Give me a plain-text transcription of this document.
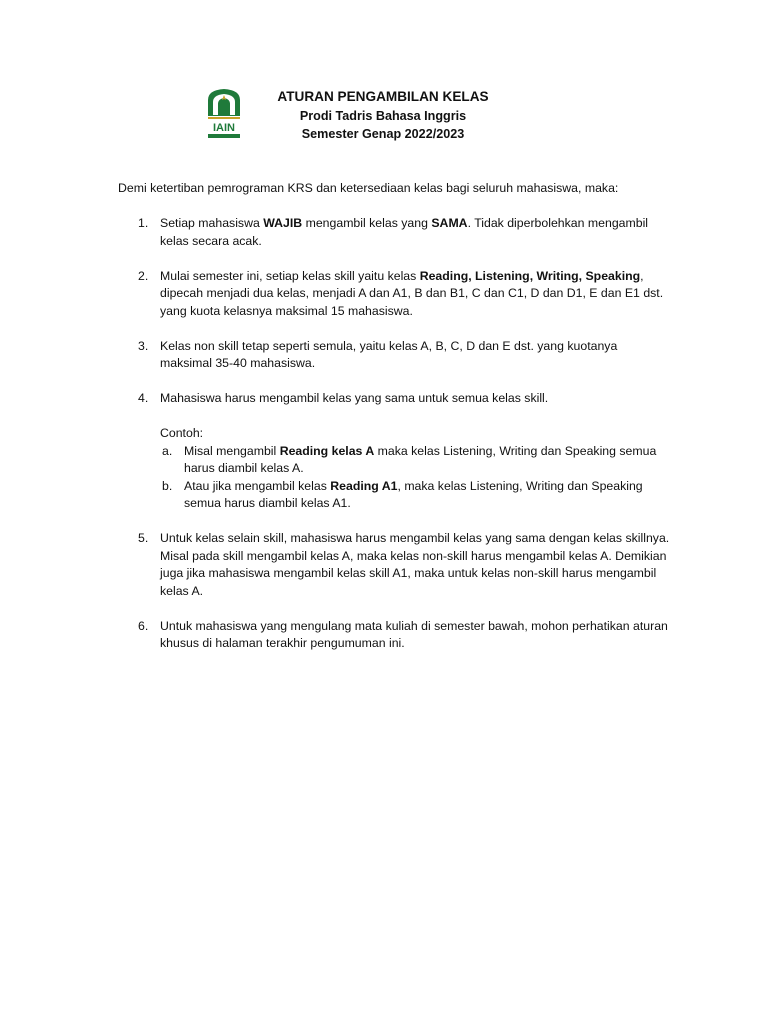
IAIN
ATURAN PENGAMBILAN KELAS
Prodi Tadris Bahasa Inggris
Semester Genap 2022/2023
Demi ketertiban pemrograman KRS dan ketersediaan kelas bagi seluruh mahasiswa, maka:
1. Setiap mahasiswa WAJIB mengambil kelas yang SAMA. Tidak diperbolehkan mengambil kelas secara acak.
2. Mulai semester ini, setiap kelas skill yaitu kelas Reading, Listening, Writing, Speaking, dipecah menjadi dua kelas, menjadi A dan A1, B dan B1, C dan C1, D dan D1, E dan E1 dst. yang kuota kelasnya maksimal 15 mahasiswa.
3. Kelas non skill tetap seperti semula, yaitu kelas A, B, C, D dan E dst. yang kuotanya maksimal 35-40 mahasiswa.
4. Mahasiswa harus mengambil kelas yang sama untuk semua kelas skill.
Contoh:
a. Misal mengambil Reading kelas A maka kelas Listening, Writing dan Speaking semua harus diambil kelas A.
b. Atau jika mengambil kelas Reading A1, maka kelas Listening, Writing dan Speaking semua harus diambil kelas A1.
5. Untuk kelas selain skill, mahasiswa harus mengambil kelas yang sama dengan kelas skillnya. Misal pada skill mengambil kelas A, maka kelas non-skill harus mengambil kelas A. Demikian juga jika mahasiswa mengambil kelas skill A1, maka untuk kelas non-skill harus mengambil kelas A.
6. Untuk mahasiswa yang mengulang mata kuliah di semester bawah, mohon perhatikan aturan khusus di halaman terakhir pengumuman ini.
